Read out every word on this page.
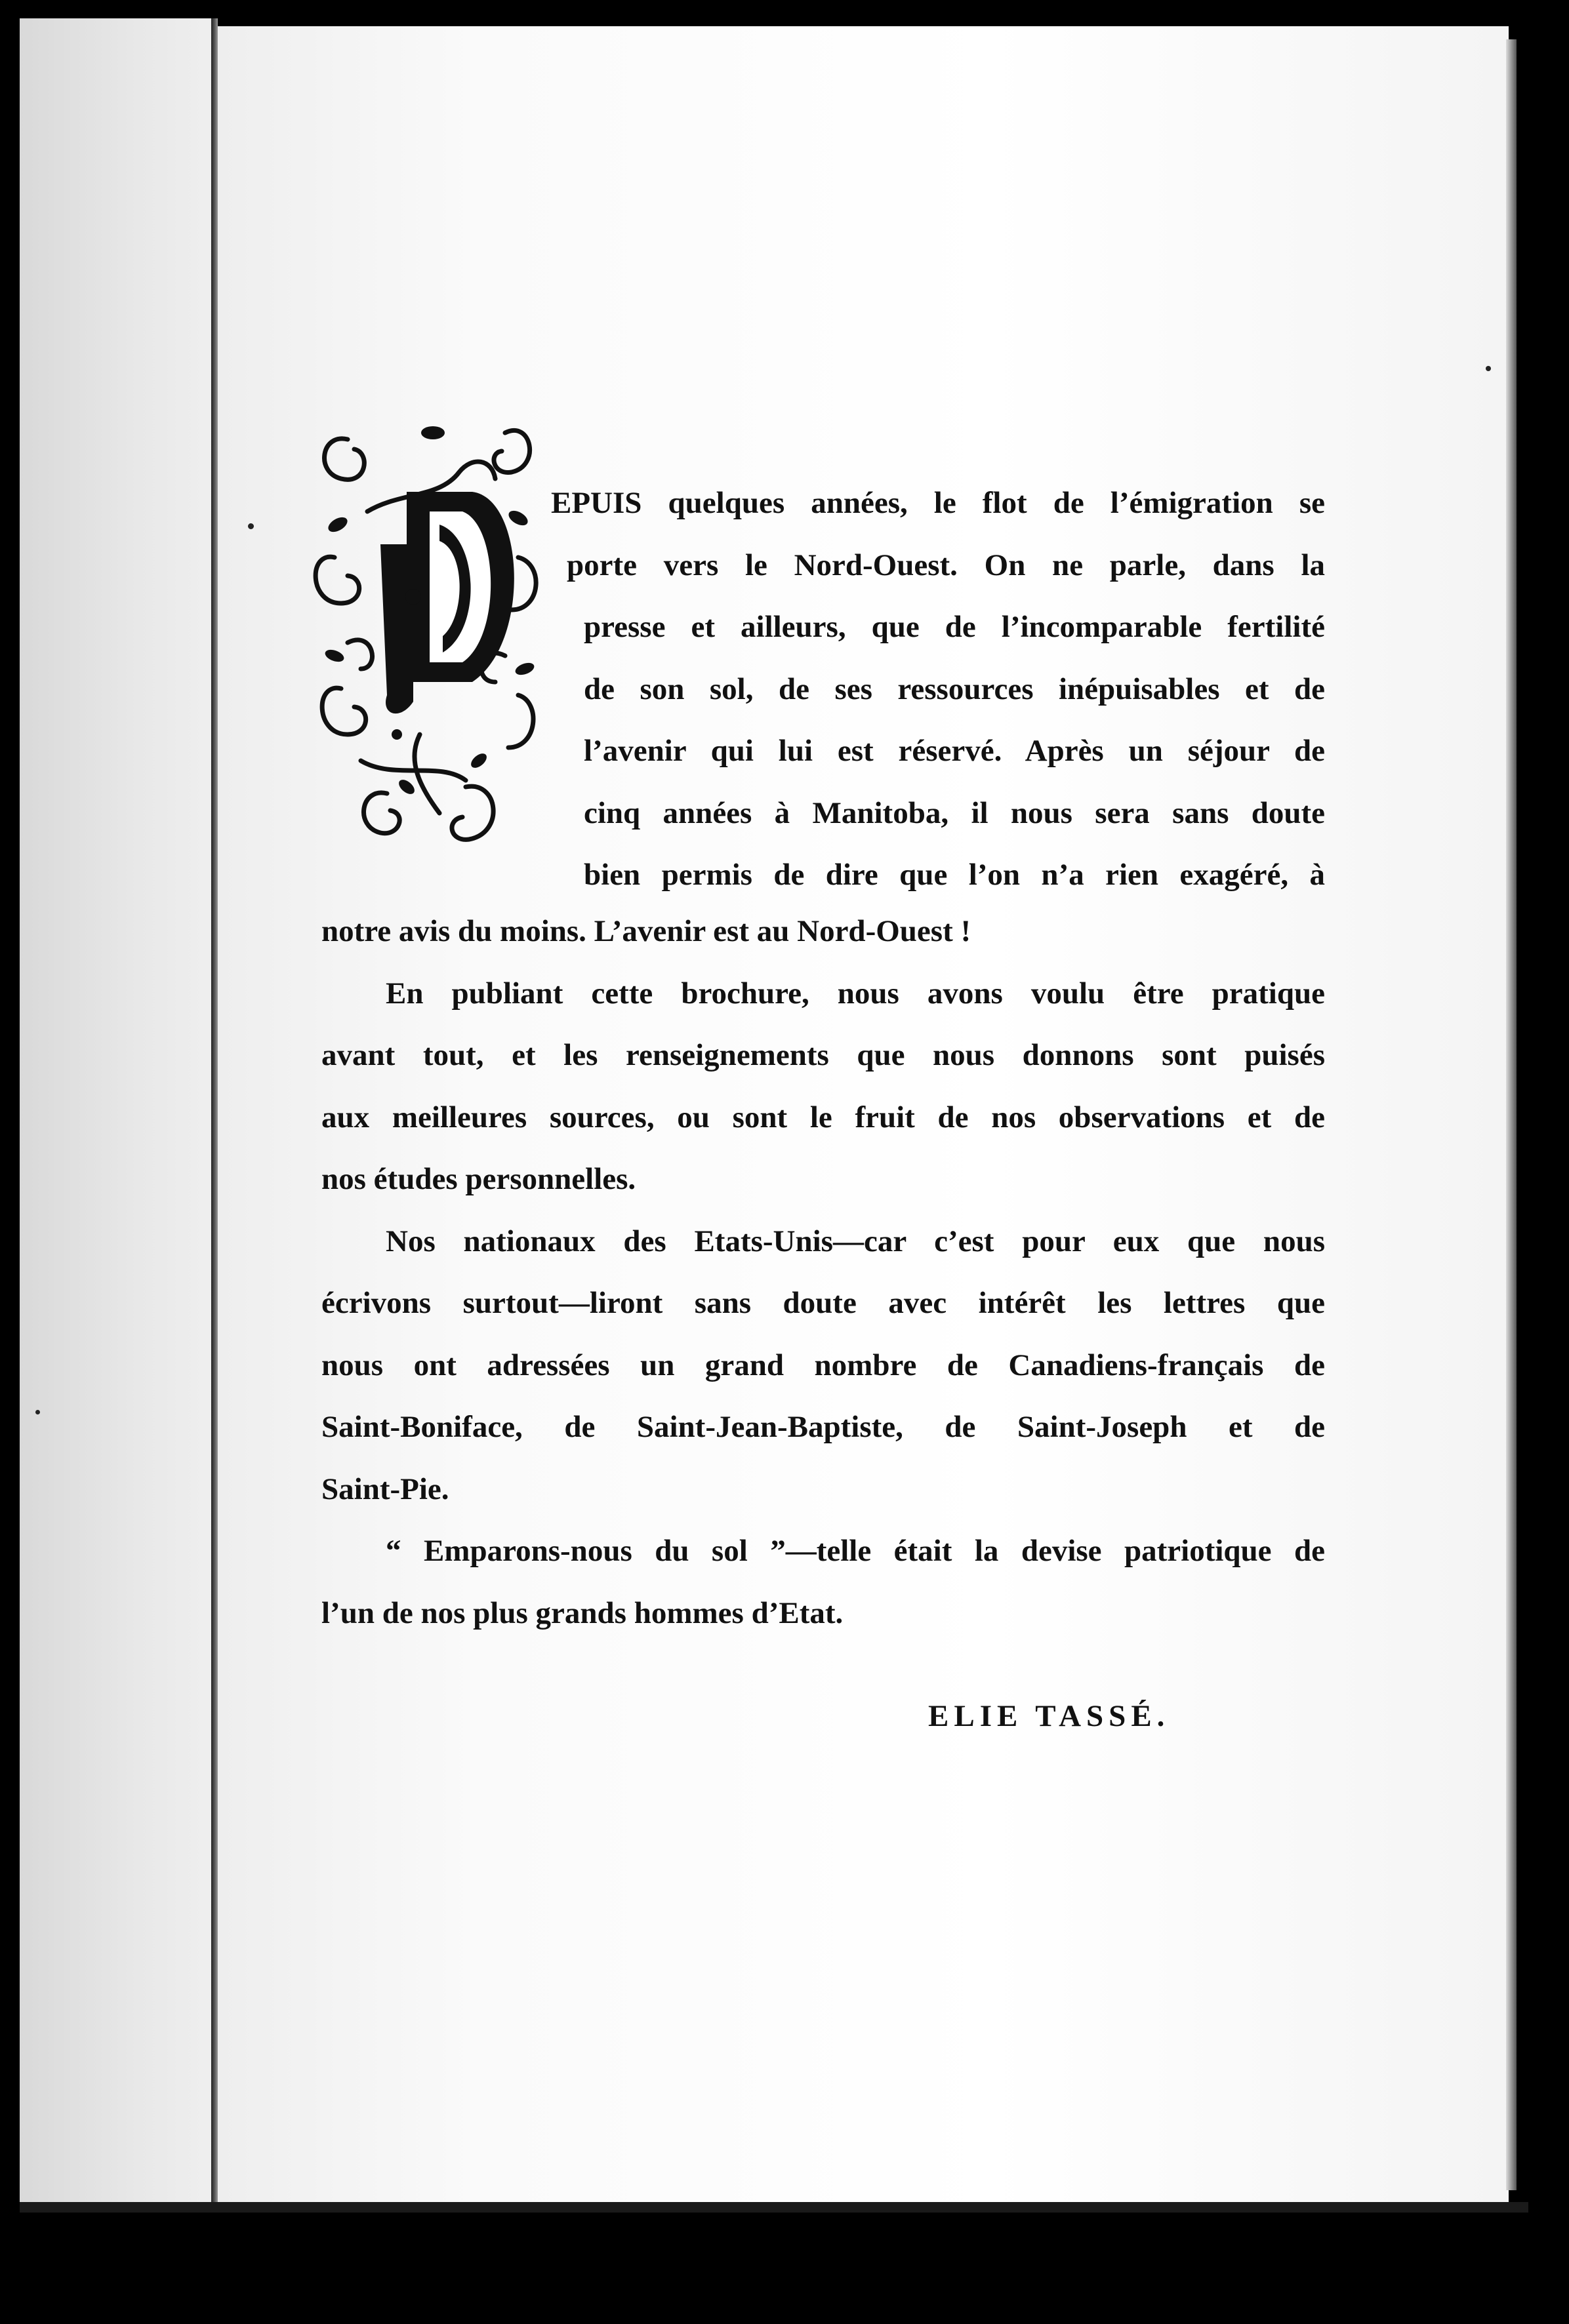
EPUIS quelques années, le flot de l’émigration se
porte vers le Nord-Ouest. On ne parle, dans la
presse et ailleurs, que de l’incomparable fertilité
de son sol, de ses ressources inépuisables et de
l’avenir qui lui est réservé. Après un séjour de
cinq années à Manitoba, il nous sera sans doute
bien permis de dire que l’on n’a rien exagéré, à
notre avis du moins. L’avenir est au Nord-Ouest !
En publiant cette brochure, nous avons voulu être pratique
avant tout, et les renseignements que nous donnons sont puisés
aux meilleures sources, ou sont le fruit de nos observations et de
nos études personnelles.
Nos nationaux des Etats-Unis—car c’est pour eux que nous
écrivons surtout—liront sans doute avec intérêt les lettres que
nous ont adressées un grand nombre de Canadiens-français de
Saint-Boniface, de Saint-Jean-Baptiste, de Saint-Joseph et de
Saint-Pie.
“ Emparons-nous du sol ”—telle était la devise patriotique de
l’un de nos plus grands hommes d’Etat.
ELIE TASSÉ.
